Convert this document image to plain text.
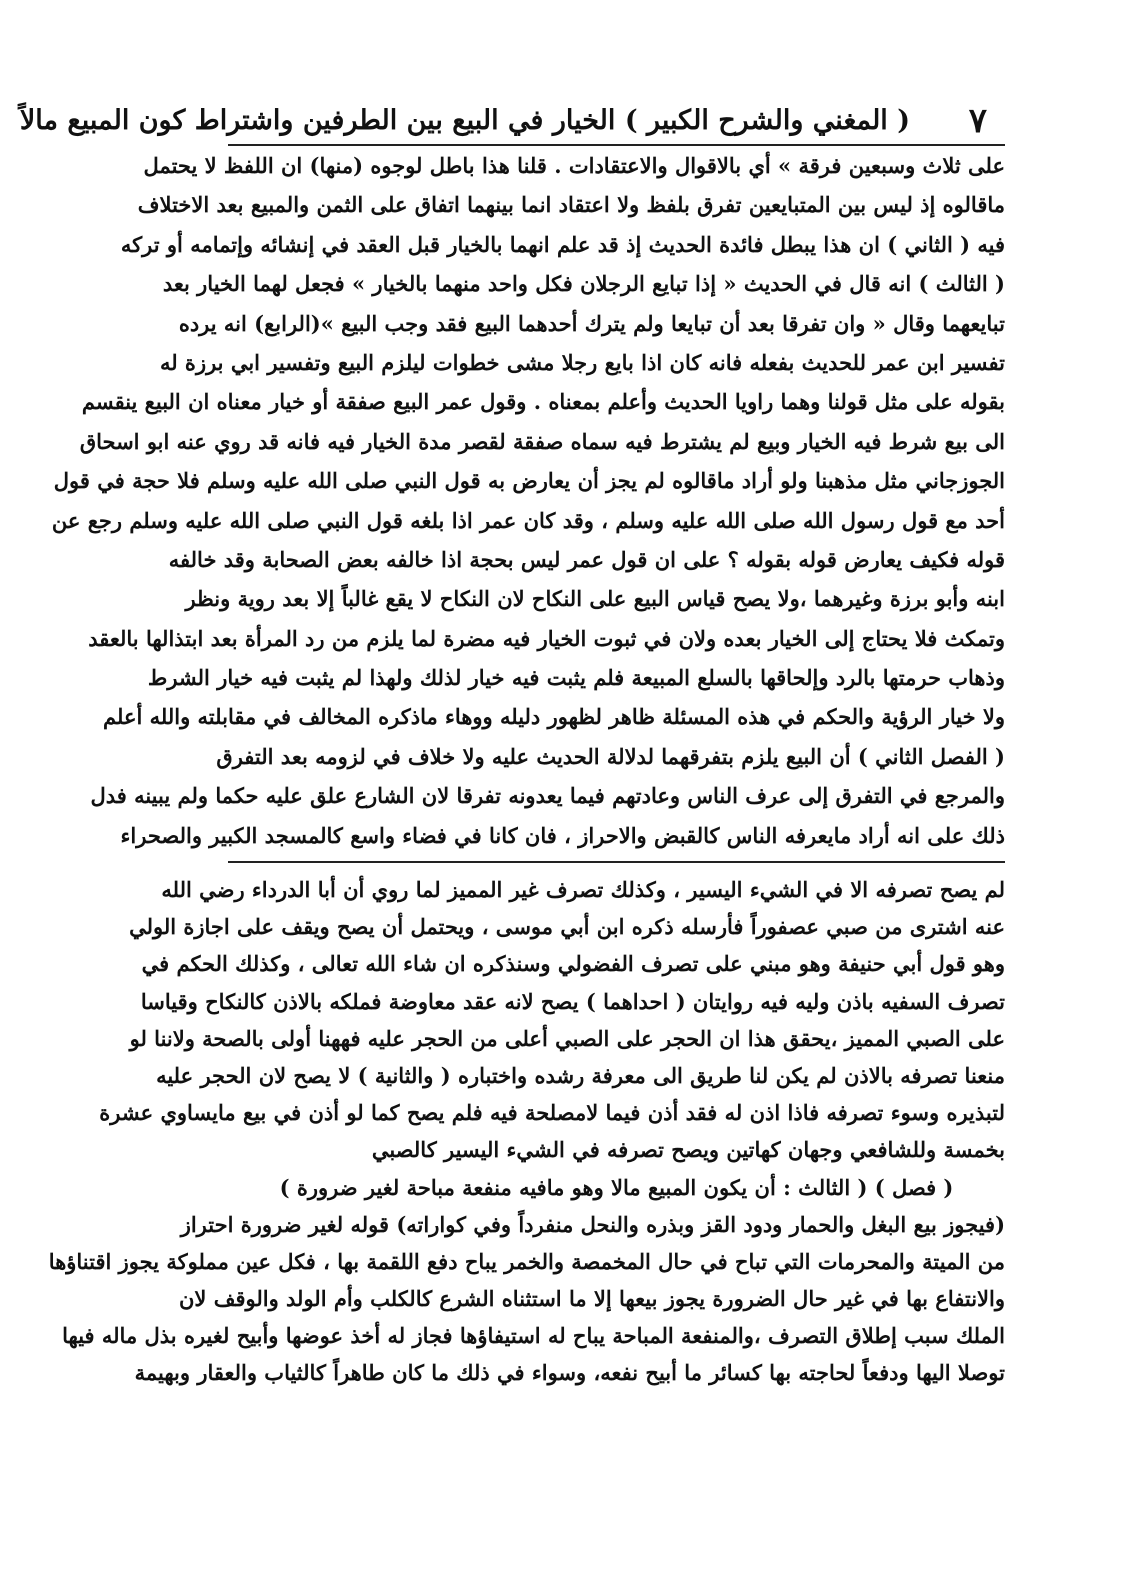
٧
( المغني والشرح الكبير ) الخيار في البيع بين الطرفين واشتراط كون المبيع مالاً
على ثلاث وسبعين فرقة » أي بالاقوال والاعتقادات . قلنا هذا باطل لوجوه (منها) ان اللفظ لا يحتمل
ماقالوه إذ ليس بين المتبايعين تفرق بلفظ ولا اعتقاد انما بينهما اتفاق على الثمن والمبيع بعد الاختلاف
فيه ( الثاني ) ان هذا يبطل فائدة الحديث إذ قد علم انهما بالخيار قبل العقد في إنشائه وإتمامه أو تركه
( الثالث ) انه قال في الحديث « إذا تبايع الرجلان فكل واحد منهما بالخيار » فجعل لهما الخيار بعد
تبايعهما وقال « وان تفرقا بعد أن تبايعا ولم يترك أحدهما البيع فقد وجب البيع »(الرابع) انه يرده
تفسير ابن عمر للحديث بفعله فانه كان اذا بايع رجلا مشى خطوات ليلزم البيع وتفسير ابي برزة له
بقوله على مثل قولنا وهما راويا الحديث وأعلم بمعناه . وقول عمر البيع صفقة أو خيار معناه ان البيع ينقسم
الى بيع شرط فيه الخيار وبيع لم يشترط فيه سماه صفقة لقصر مدة الخيار فيه فانه قد روي عنه ابو اسحاق
الجوزجاني مثل مذهبنا ولو أراد ماقالوه لم يجز أن يعارض به قول النبي صلى الله عليه وسلم فلا حجة في قول
أحد مع قول رسول الله صلى الله عليه وسلم ، وقد كان عمر اذا بلغه قول النبي صلى الله عليه وسلم رجع عن
قوله فكيف يعارض قوله بقوله ؟ على ان قول عمر ليس بحجة اذا خالفه بعض الصحابة وقد خالفه
ابنه وأبو برزة وغيرهما ،ولا يصح قياس البيع على النكاح لان النكاح لا يقع غالباً إلا بعد روية ونظر
وتمكث فلا يحتاج إلى الخيار بعده ولان في ثبوت الخيار فيه مضرة لما يلزم من رد المرأة بعد ابتذالها بالعقد
وذهاب حرمتها بالرد وإلحاقها بالسلع المبيعة فلم يثبت فيه خيار لذلك ولهذا لم يثبت فيه خيار الشرط
ولا خيار الرؤية والحكم في هذه المسئلة ظاهر لظهور دليله ووهاء ماذكره المخالف في مقابلته والله أعلم
( الفصل الثاني ) أن البيع يلزم بتفرقهما لدلالة الحديث عليه ولا خلاف في لزومه بعد التفرق
والمرجع في التفرق إلى عرف الناس وعادتهم فيما يعدونه تفرقا لان الشارع علق عليه حكما ولم يبينه فدل
ذلك على انه أراد مايعرفه الناس كالقبض والاحراز ، فان كانا في فضاء واسع كالمسجد الكبير والصحراء
لم يصح تصرفه الا في الشيء اليسير ، وكذلك تصرف غير المميز لما روي أن أبا الدرداء رضي الله
عنه اشترى من صبي عصفوراً فأرسله ذكره ابن أبي موسى ، ويحتمل أن يصح ويقف على اجازة الولي
وهو قول أبي حنيفة وهو مبني على تصرف الفضولي وسنذكره ان شاء الله تعالى ، وكذلك الحكم في
تصرف السفيه باذن وليه فيه روايتان ( احداهما ) يصح لانه عقد معاوضة فملكه بالاذن كالنكاح وقياسا
على الصبي المميز ،يحقق هذا ان الحجر على الصبي أعلى من الحجر عليه فههنا أولى بالصحة ولاننا لو
منعنا تصرفه بالاذن لم يكن لنا طريق الى معرفة رشده واختباره ( والثانية ) لا يصح لان الحجر عليه
لتبذيره وسوء تصرفه فاذا اذن له فقد أذن فيما لامصلحة فيه فلم يصح كما لو أذن في بيع مايساوي عشرة
بخمسة وللشافعي وجهان كهاتين ويصح تصرفه في الشيء اليسير كالصبي
( فصل ) ( الثالث : أن يكون المبيع مالا وهو مافيه منفعة مباحة لغير ضرورة )
(فيجوز بيع البغل والحمار ودود القز وبذره والنحل منفرداً وفي كواراته) قوله لغير ضرورة احتراز
من الميتة والمحرمات التي تباح في حال المخمصة والخمر يباح دفع اللقمة بها ، فكل عين مملوكة يجوز اقتناؤها
والانتفاع بها في غير حال الضرورة يجوز بيعها إلا ما استثناه الشرع كالكلب وأم الولد والوقف لان
الملك سبب إطلاق التصرف ،والمنفعة المباحة يباح له استيفاؤها فجاز له أخذ عوضها وأبيح لغيره بذل ماله فيها
توصلا اليها ودفعاً لحاجته بها كسائر ما أبيح نفعه، وسواء في ذلك ما كان طاهراً كالثياب والعقار وبهيمة
